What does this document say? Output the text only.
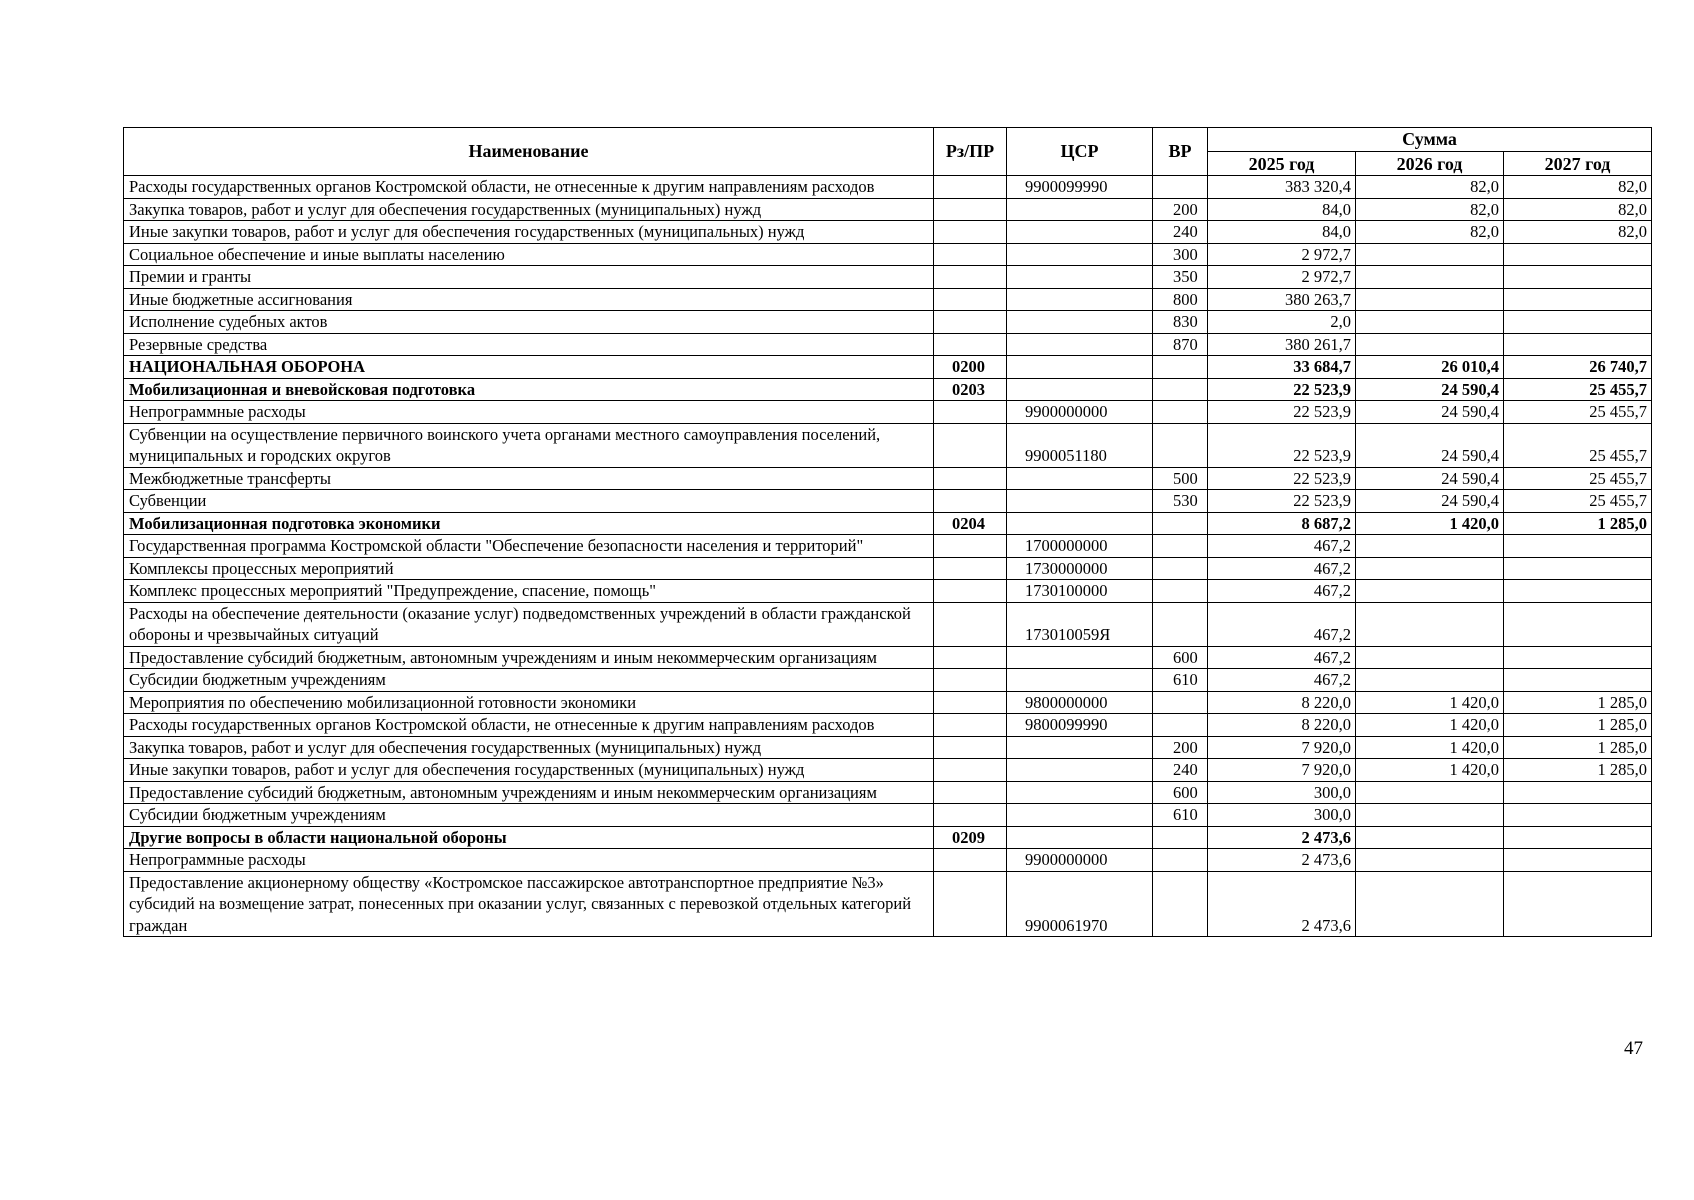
Наименование	Рз/ПР	ЦСР	ВР	Сумма		
				2025 год	2026 год	2027 год
Расходы государственных органов Костромской области, не отнесенные к другим направлениям расходов		9900099990		383 320,4	82,0	82,0
Закупка товаров, работ и услуг для обеспечения государственных (муниципальных) нужд			200	84,0	82,0	82,0
Иные закупки товаров, работ и услуг для обеспечения государственных (муниципальных) нужд			240	84,0	82,0	82,0
Социальное обеспечение и иные выплаты населению			300	2 972,7		
Премии и гранты			350	2 972,7		
Иные бюджетные ассигнования			800	380 263,7		
Исполнение судебных актов			830	2,0		
Резервные средства			870	380 261,7		
НАЦИОНАЛЬНАЯ ОБОРОНА	0200			33 684,7	26 010,4	26 740,7
Мобилизационная и вневойсковая подготовка	0203			22 523,9	24 590,4	25 455,7
Непрограммные расходы		9900000000		22 523,9	24 590,4	25 455,7
Субвенции на осуществление первичного воинского учета органами местного самоуправления поселений, муниципальных и городских округов		9900051180		22 523,9	24 590,4	25 455,7
Межбюджетные трансферты			500	22 523,9	24 590,4	25 455,7
Субвенции			530	22 523,9	24 590,4	25 455,7
Мобилизационная подготовка экономики	0204			8 687,2	1 420,0	1 285,0
Государственная программа Костромской области "Обеспечение безопасности населения и территорий"		1700000000		467,2		
Комплексы процессных мероприятий		1730000000		467,2		
Комплекс процессных мероприятий "Предупреждение, спасение, помощь"		1730100000		467,2		
Расходы на обеспечение деятельности (оказание услуг) подведомственных учреждений в области гражданской обороны и чрезвычайных ситуаций		173010059Я		467,2		
Предоставление субсидий бюджетным, автономным учреждениям и иным некоммерческим организациям			600	467,2		
Субсидии бюджетным учреждениям			610	467,2		
Мероприятия по обеспечению мобилизационной готовности экономики		9800000000		8 220,0	1 420,0	1 285,0
Расходы государственных органов Костромской области, не отнесенные к другим направлениям расходов		9800099990		8 220,0	1 420,0	1 285,0
Закупка товаров, работ и услуг для обеспечения государственных (муниципальных) нужд			200	7 920,0	1 420,0	1 285,0
Иные закупки товаров, работ и услуг для обеспечения государственных (муниципальных) нужд			240	7 920,0	1 420,0	1 285,0
Предоставление субсидий бюджетным, автономным учреждениям и иным некоммерческим организациям			600	300,0		
Субсидии бюджетным учреждениям			610	300,0		
Другие вопросы в области национальной обороны	0209			2 473,6		
Непрограммные расходы		9900000000		2 473,6		
Предоставление акционерному обществу «Костромское пассажирское автотранспортное предприятие №3» субсидий на возмещение затрат, понесенных при оказании услуг, связанных с перевозкой отдельных категорий граждан		9900061970		2 473,6		
47
